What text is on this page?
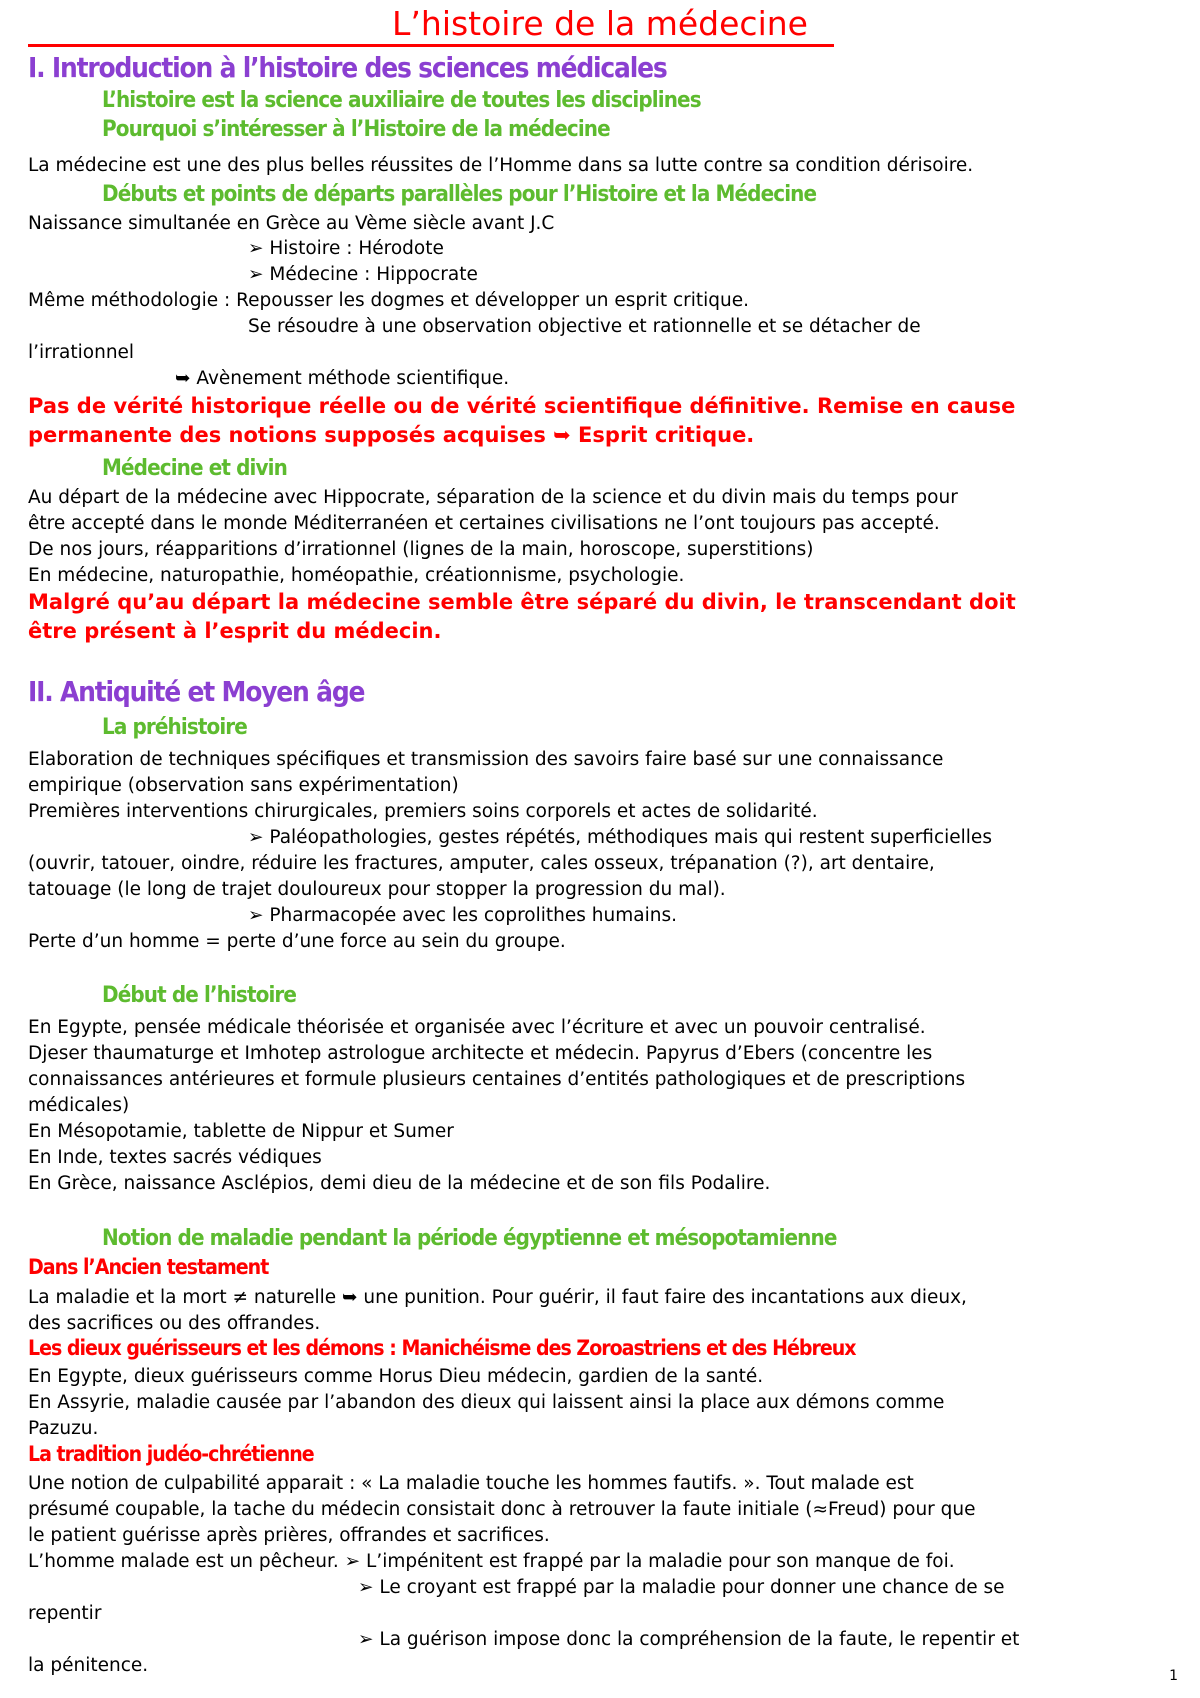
L’histoire de la médecine
I. Introduction à l’histoire des sciences médicales
L’histoire est la science auxiliaire de toutes les disciplines
Pourquoi s’intéresser à l’Histoire de la médecine
La médecine est une des plus belles réussites de l’Homme dans sa lutte contre sa condition dérisoire.
Débuts et points de départs parallèles pour l’Histoire et la Médecine
Naissance simultanée en Grèce au Vème siècle avant J.C
➢ Histoire : Hérodote
➢ Médecine : Hippocrate
Même méthodologie : Repousser les dogmes et développer un esprit critique.
Se résoudre à une observation objective et rationnelle et se détacher de
l’irrationnel
➥ Avènement méthode scientifique.
Pas de vérité historique réelle ou de vérité scientifique définitive. Remise en cause
permanente des notions supposés acquises ➥ Esprit critique.
Médecine et divin
Au départ de la médecine avec Hippocrate, séparation de la science et du divin mais du temps pour
être accepté dans le monde Méditerranéen et certaines civilisations ne l’ont toujours pas accepté.
De nos jours, réapparitions d’irrationnel (lignes de la main, horoscope, superstitions)
En médecine, naturopathie, homéopathie, créationnisme, psychologie.
Malgré qu’au départ la médecine semble être séparé du divin, le transcendant doit
être présent à l’esprit du médecin.
II. Antiquité et Moyen âge
La préhistoire
Elaboration de techniques spécifiques et transmission des savoirs faire basé sur une connaissance
empirique (observation sans expérimentation)
Premières interventions chirurgicales, premiers soins corporels et actes de solidarité.
➢ Paléopathologies, gestes répétés, méthodiques mais qui restent superficielles
(ouvrir, tatouer, oindre, réduire les fractures, amputer, cales osseux, trépanation (?), art dentaire,
tatouage (le long de trajet douloureux pour stopper la progression du mal).
➢ Pharmacopée avec les coprolithes humains.
Perte d’un homme = perte d’une force au sein du groupe.
Début de l’histoire
En Egypte, pensée médicale théorisée et organisée avec l’écriture et avec un pouvoir centralisé.
Djeser thaumaturge et Imhotep astrologue architecte et médecin. Papyrus d’Ebers (concentre les
connaissances antérieures et formule plusieurs centaines d’entités pathologiques et de prescriptions
médicales)
En Mésopotamie, tablette de Nippur et Sumer
En Inde, textes sacrés védiques
En Grèce, naissance Asclépios, demi dieu de la médecine et de son fils Podalire.
Notion de maladie pendant la période égyptienne et mésopotamienne
Dans l’Ancien testament
La maladie et la mort ≠ naturelle ➥ une punition. Pour guérir, il faut faire des incantations aux dieux,
des sacrifices ou des offrandes.
Les dieux guérisseurs et les démons : Manichéisme des Zoroastriens et des Hébreux
En Egypte, dieux guérisseurs comme Horus Dieu médecin, gardien de la santé.
En Assyrie, maladie causée par l’abandon des dieux qui laissent ainsi la place aux démons comme
Pazuzu.
La tradition judéo-chrétienne
Une notion de culpabilité apparait : « La maladie touche les hommes fautifs. ». Tout malade est
présumé coupable, la tache du médecin consistait donc à retrouver la faute initiale (≈Freud) pour que
le patient guérisse après prières, offrandes et sacrifices.
L’homme malade est un pêcheur. ➢ L’impénitent est frappé par la maladie pour son manque de foi.
➢ Le croyant est frappé par la maladie pour donner une chance de se
repentir
➢ La guérison impose donc la compréhension de la faute, le repentir et
la pénitence.	1
